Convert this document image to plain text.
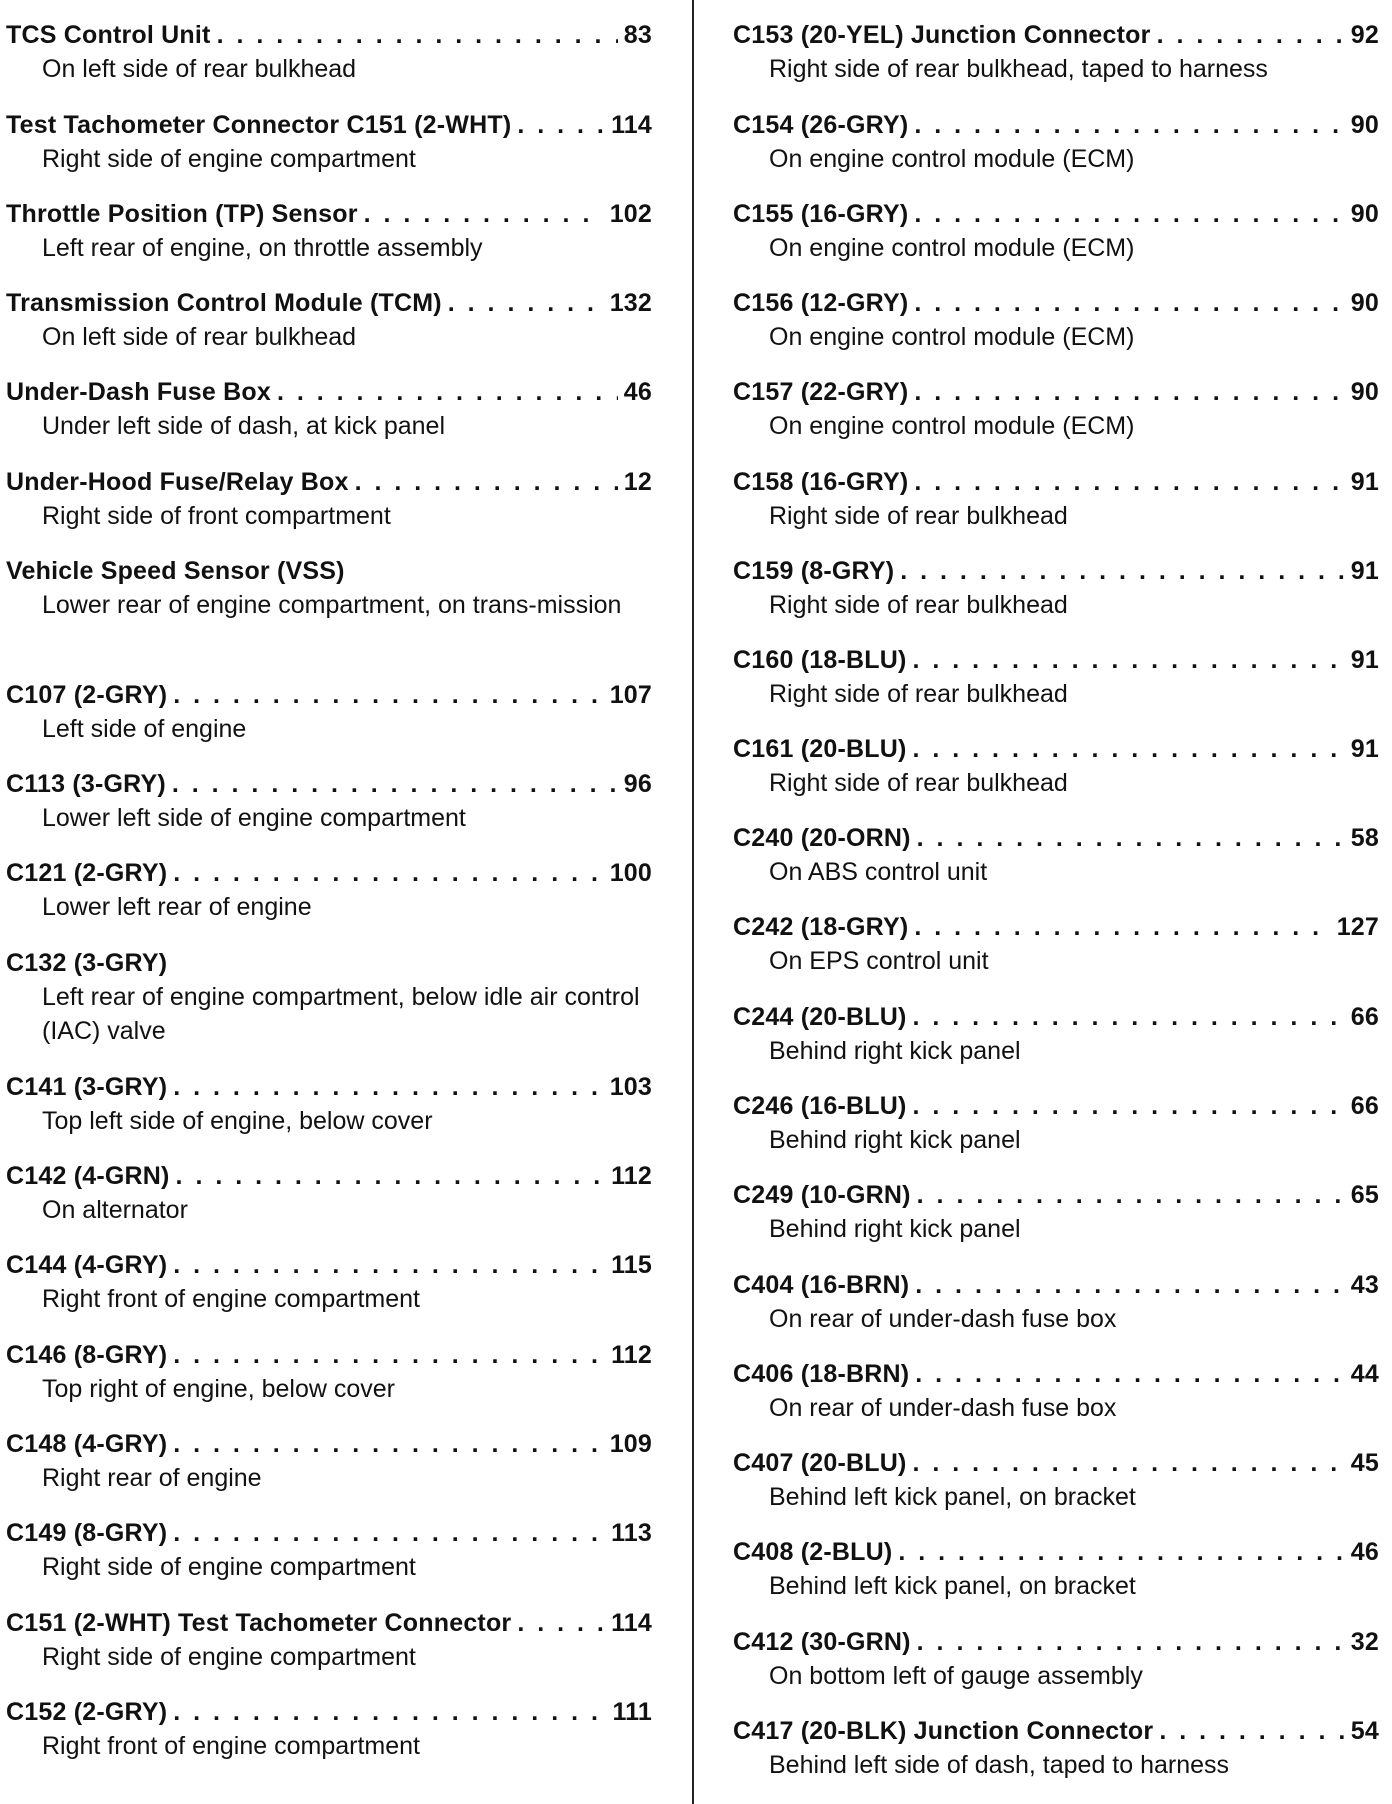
TCS Control Unit . . .	83
On left side of rear bulkhead
Test Tachometer Connector C151 (2-WHT) . . .	114
Right side of engine compartment
Throttle Position (TP) Sensor . . .	102
Left rear of engine, on throttle assembly
Transmission Control Module (TCM) . . .	132
On left side of rear bulkhead
Under-Dash Fuse Box . . .	46
Under left side of dash, at kick panel
Under-Hood Fuse/Relay Box . . .	12
Right side of front compartment
Vehicle Speed Sensor (VSS)
Lower rear of engine compartment, on trans-mission
C107 (2-GRY) . . .	107
Left side of engine
C113 (3-GRY) . . .	96
Lower left side of engine compartment
C121 (2-GRY) . . .	100
Lower left rear of engine
C132 (3-GRY)
Left rear of engine compartment, below idle air control (IAC) valve
C141 (3-GRY) . . .	103
Top left side of engine, below cover
C142 (4-GRN) . . .	112
On alternator
C144 (4-GRY) . . .	115
Right front of engine compartment
C146 (8-GRY) . . .	112
Top right of engine, below cover
C148 (4-GRY) . . .	109
Right rear of engine
C149 (8-GRY) . . .	113
Right side of engine compartment
C151 (2-WHT) Test Tachometer Connector . . .	114
Right side of engine compartment
C152 (2-GRY) . . .	111
Right front of engine compartment
C153 (20-YEL) Junction Connector . . .	92
Right side of rear bulkhead, taped to harness
C154 (26-GRY) . . .	90
On engine control module (ECM)
C155 (16-GRY) . . .	90
On engine control module (ECM)
C156 (12-GRY) . . .	90
On engine control module (ECM)
C157 (22-GRY) . . .	90
On engine control module (ECM)
C158 (16-GRY) . . .	91
Right side of rear bulkhead
C159 (8-GRY) . . .	91
Right side of rear bulkhead
C160 (18-BLU) . . .	91
Right side of rear bulkhead
C161 (20-BLU) . . .	91
Right side of rear bulkhead
C240 (20-ORN) . . .	58
On ABS control unit
C242 (18-GRY) . . .	127
On EPS control unit
C244 (20-BLU) . . .	66
Behind right kick panel
C246 (16-BLU) . . .	66
Behind right kick panel
C249 (10-GRN) . . .	65
Behind right kick panel
C404 (16-BRN) . . .	43
On rear of under-dash fuse box
C406 (18-BRN) . . .	44
On rear of under-dash fuse box
C407 (20-BLU) . . .	45
Behind left kick panel, on bracket
C408 (2-BLU) . . .	46
Behind left kick panel, on bracket
C412 (30-GRN) . . .	32
On bottom left of gauge assembly
C417 (20-BLK) Junction Connector . . .	54
Behind left side of dash, taped to harness
